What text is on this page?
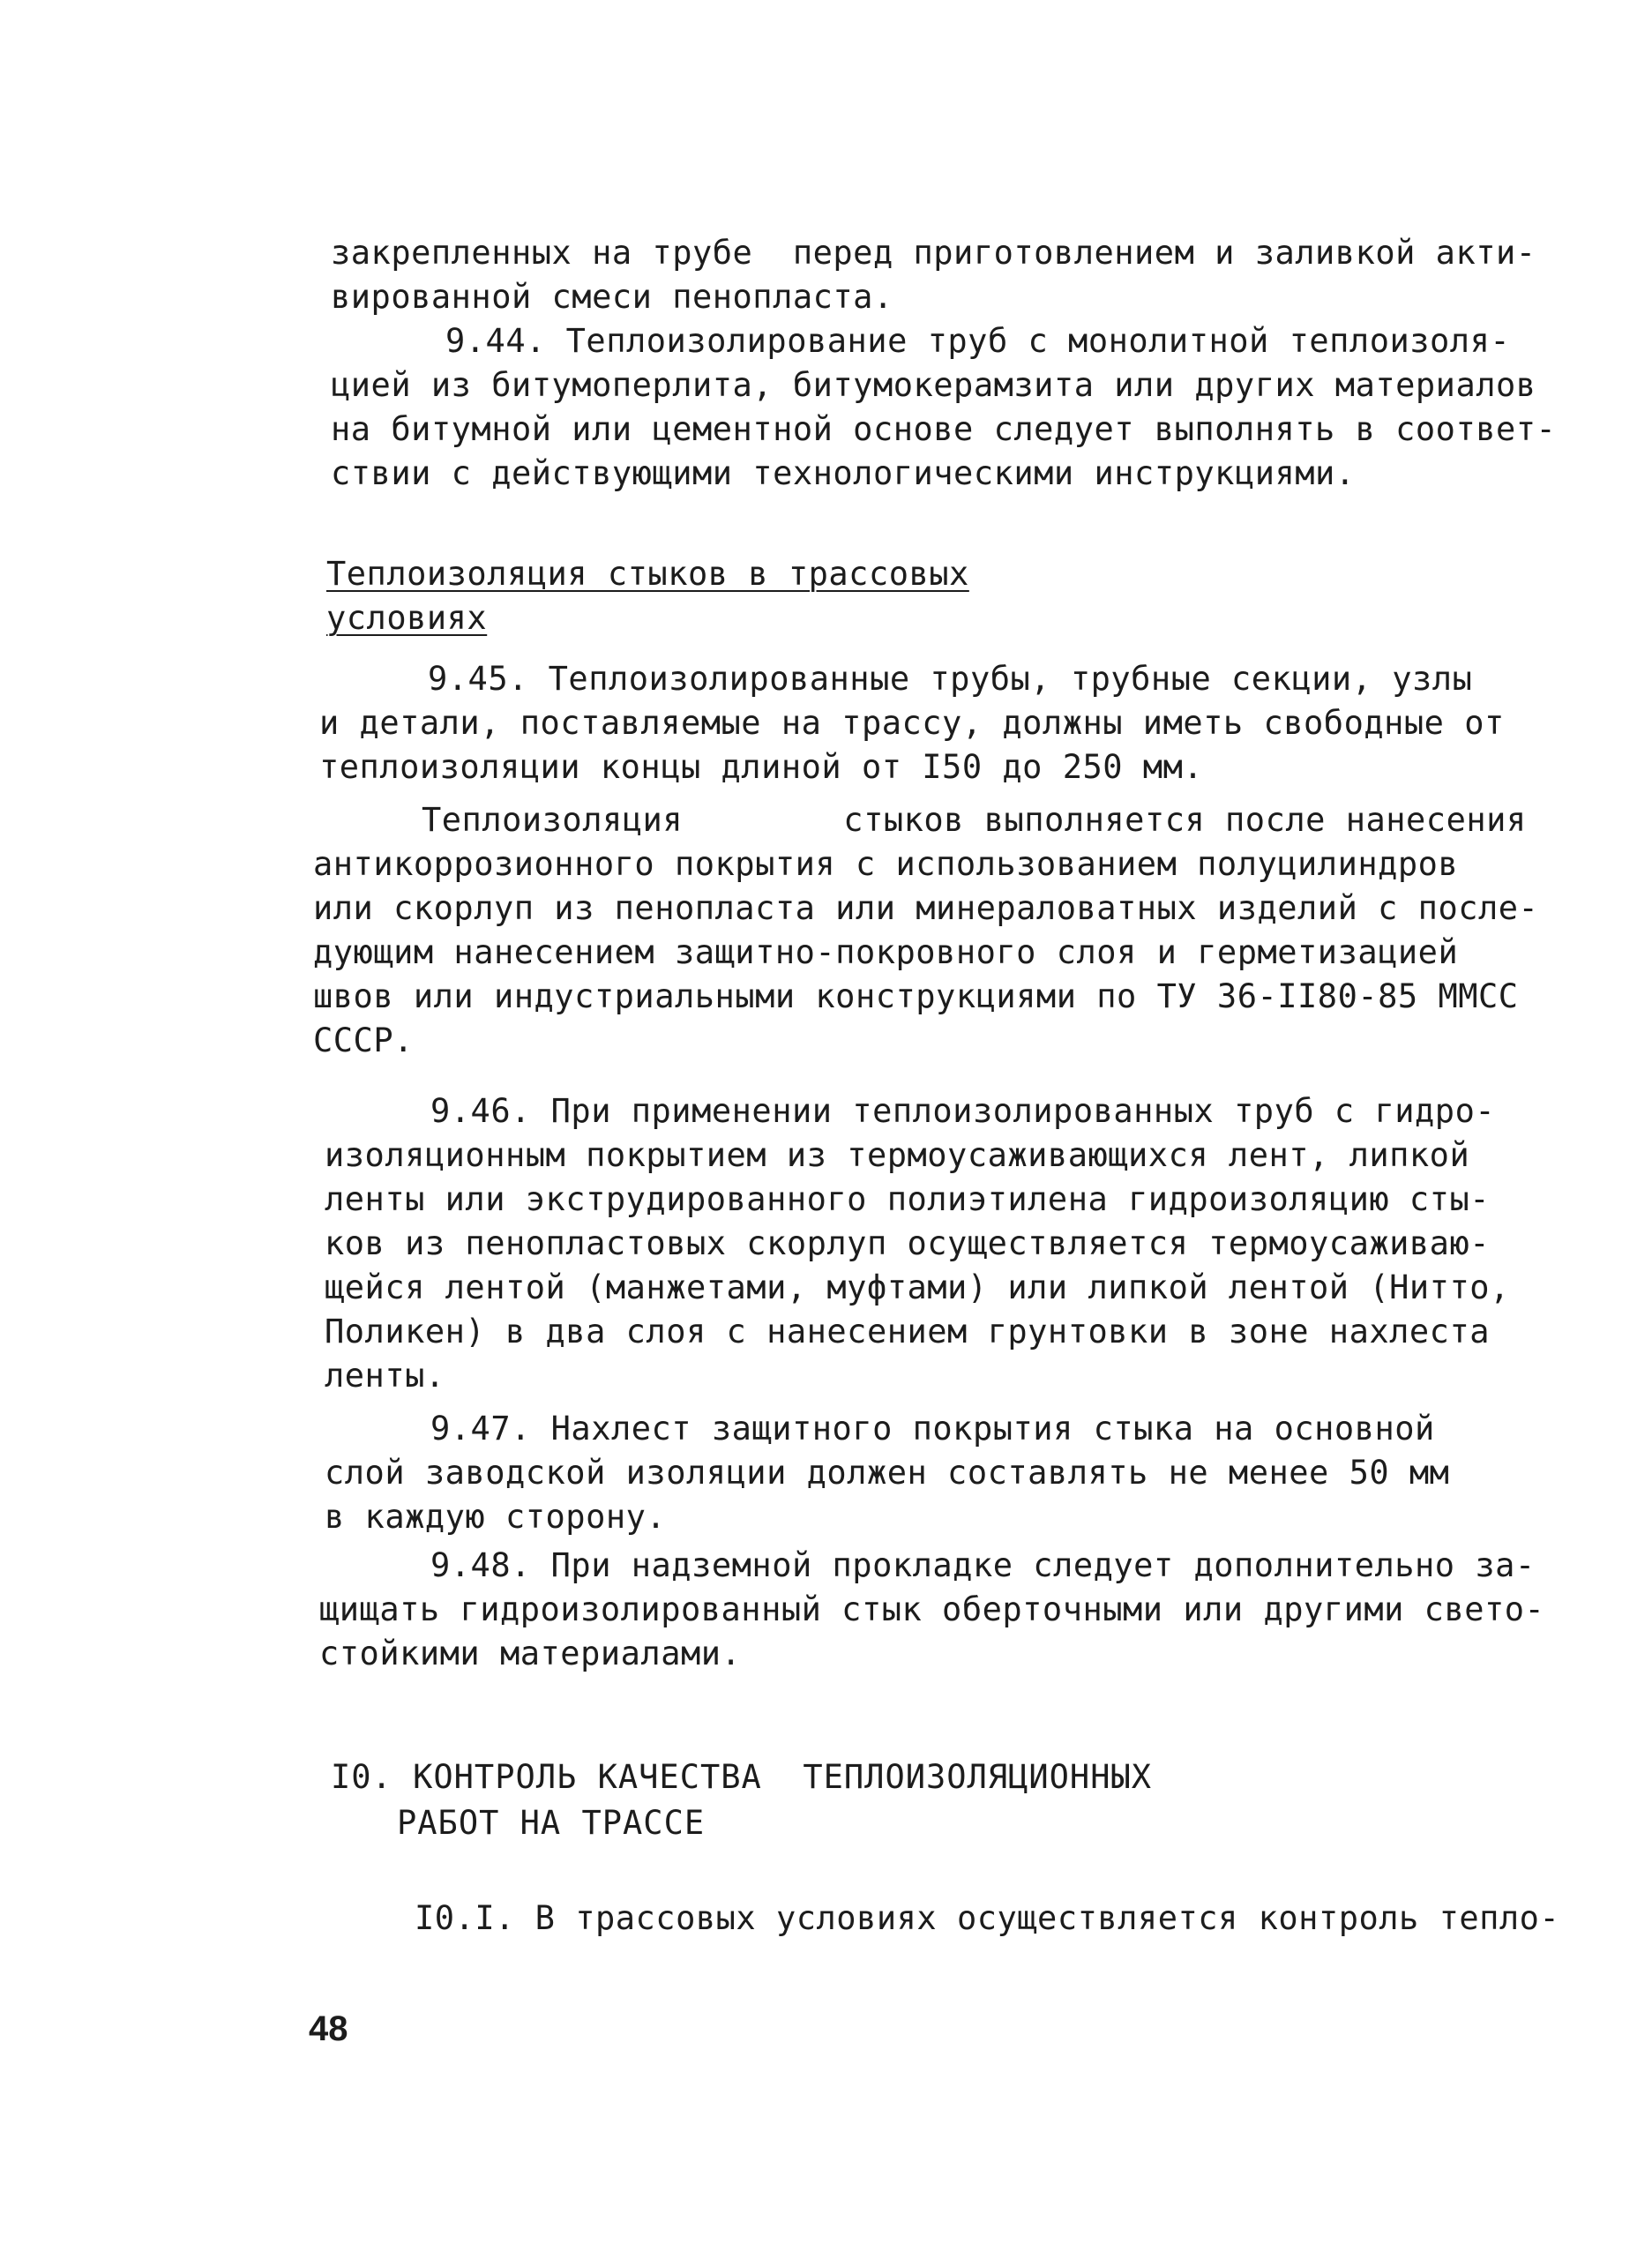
закрепленных на трубе  перед приготовлением и заливкой акти-
вированной смеси пенопласта.
9.44. Теплоизолирование труб с монолитной теплоизоля-
цией из битумоперлита, битумокерамзита или других материалов
на битумной или цементной основе следует выполнять в соответ-
ствии с действующими технологическими инструкциями.
Теплоизоляция стыков в трассовых
условиях
9.45. Теплоизолированные трубы, трубные секции, узлы
и детали, поставляемые на трассу, должны иметь свободные от
теплоизоляции концы длиной от I50 до 250 мм.
Теплоизоляция        стыков выполняется после нанесения
антикоррозионного покрытия с использованием полуцилиндров
или скорлуп из пенопласта или минераловатных изделий с после-
дующим нанесением защитно-покровного слоя и герметизацией
швов или индустриальными конструкциями по ТУ 36-II80-85 ММСС
СССР.
9.46. При применении теплоизолированных труб с гидро-
изоляционным покрытием из термоусаживающихся лент, липкой
ленты или экструдированного полиэтилена гидроизоляцию сты-
ков из пенопластовых скорлуп осуществляется термоусаживаю-
щейся лентой (манжетами, муфтами) или липкой лентой (Нитто,
Поликен) в два слоя с нанесением грунтовки в зоне нахлеста
ленты.
9.47. Нахлест защитного покрытия стыка на основной
слой заводской изоляции должен составлять не менее 50 мм
в каждую сторону.
9.48. При надземной прокладке следует дополнительно за-
щищать гидроизолированный стык оберточными или другими свето-
стойкими материалами.
I0. КОНТРОЛЬ КАЧЕСТВА  ТЕПЛОИЗОЛЯЦИОННЫХ
РАБОТ НА ТРАССЕ
I0.I. В трассовых условиях осуществляется контроль тепло-
48
